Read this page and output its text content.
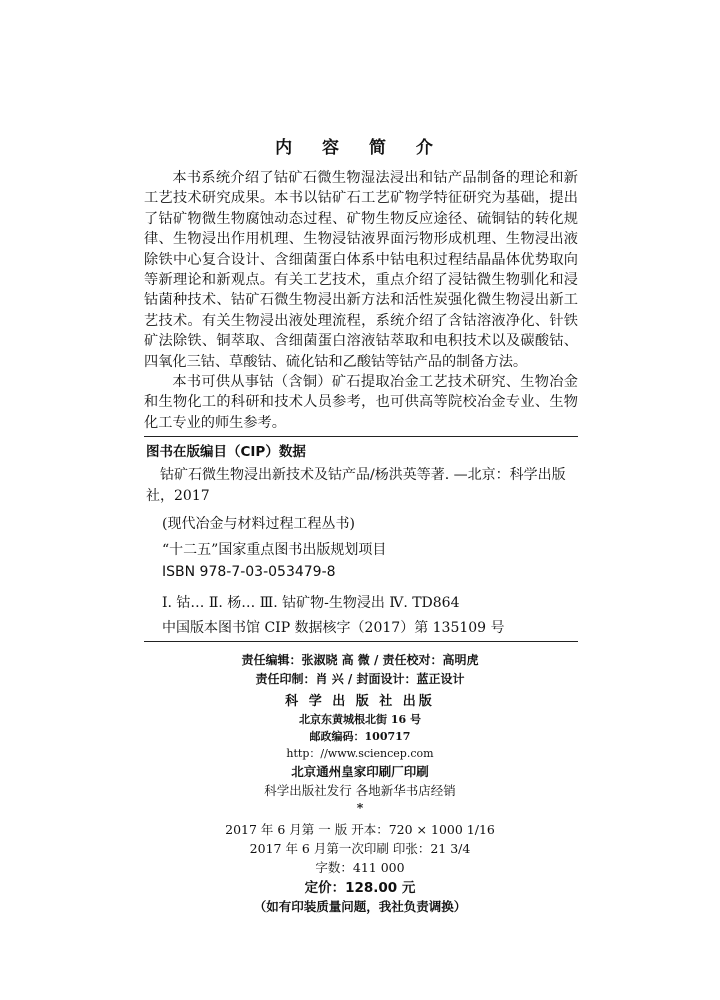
内 容 简 介

本书系统介绍了钴矿石微生物湿法浸出和钴产品制备的理论和新工艺技术研究成果。本书以钴矿石工艺矿物学特征研究为基础，提出了钴矿物微生物腐蚀动态过程、矿物生物反应途径、硫铜钴的转化规律、生物浸出作用机理、生物浸钴液界面污物形成机理、生物浸出液除铁中心复合设计、含细菌蛋白体系中钴电积过程结晶晶体优势取向等新理论和新观点。有关工艺技术，重点介绍了浸钴微生物驯化和浸钴菌种技术、钴矿石微生物浸出新方法和活性炭强化微生物浸出新工艺技术。有关生物浸出液处理流程，系统介绍了含钴溶液净化、针铁矿法除铁、铜萃取、含细菌蛋白溶液钴萃取和电积技术以及碳酸钴、四氧化三钴、草酸钴、硫化钴和乙酸钴等钴产品的制备方法。

本书可供从事钴（含铜）矿石提取冶金工艺技术研究、生物冶金和生物化工的科研和技术人员参考，也可供高等院校冶金专业、生物化工专业的师生参考。

图书在版编目（CIP）数据

钴矿石微生物浸出新技术及钴产品/杨洪英等著. —北京：科学出版社，2017

(现代冶金与材料过程工程丛书)
“十二五”国家重点图书出版规划项目
ISBN 978-7-03-053479-8
Ⅰ. 钴… Ⅱ. 杨… Ⅲ. 钴矿物-生物浸出 Ⅳ. TD864
中国版本图书馆 CIP 数据核字（2017）第 135109 号
责任编辑：张淑晓 高 微 / 责任校对：高明虎
责任印制：肖 兴 / 封面设计：蓝正设计
科 学 出 版 社 出版
北京东黄城根北街 16 号
邮政编码：100717
http：//www.sciencep.com
北京通州皇家印刷厂印刷
科学出版社发行 各地新华书店经销
*
2017 年 6 月第 一 版 开本：720 × 1000 1/16
2017 年 6 月第一次印刷 印张：21 3/4
字数：411 000
定价：128.00 元
（如有印装质量问题，我社负责调换）
